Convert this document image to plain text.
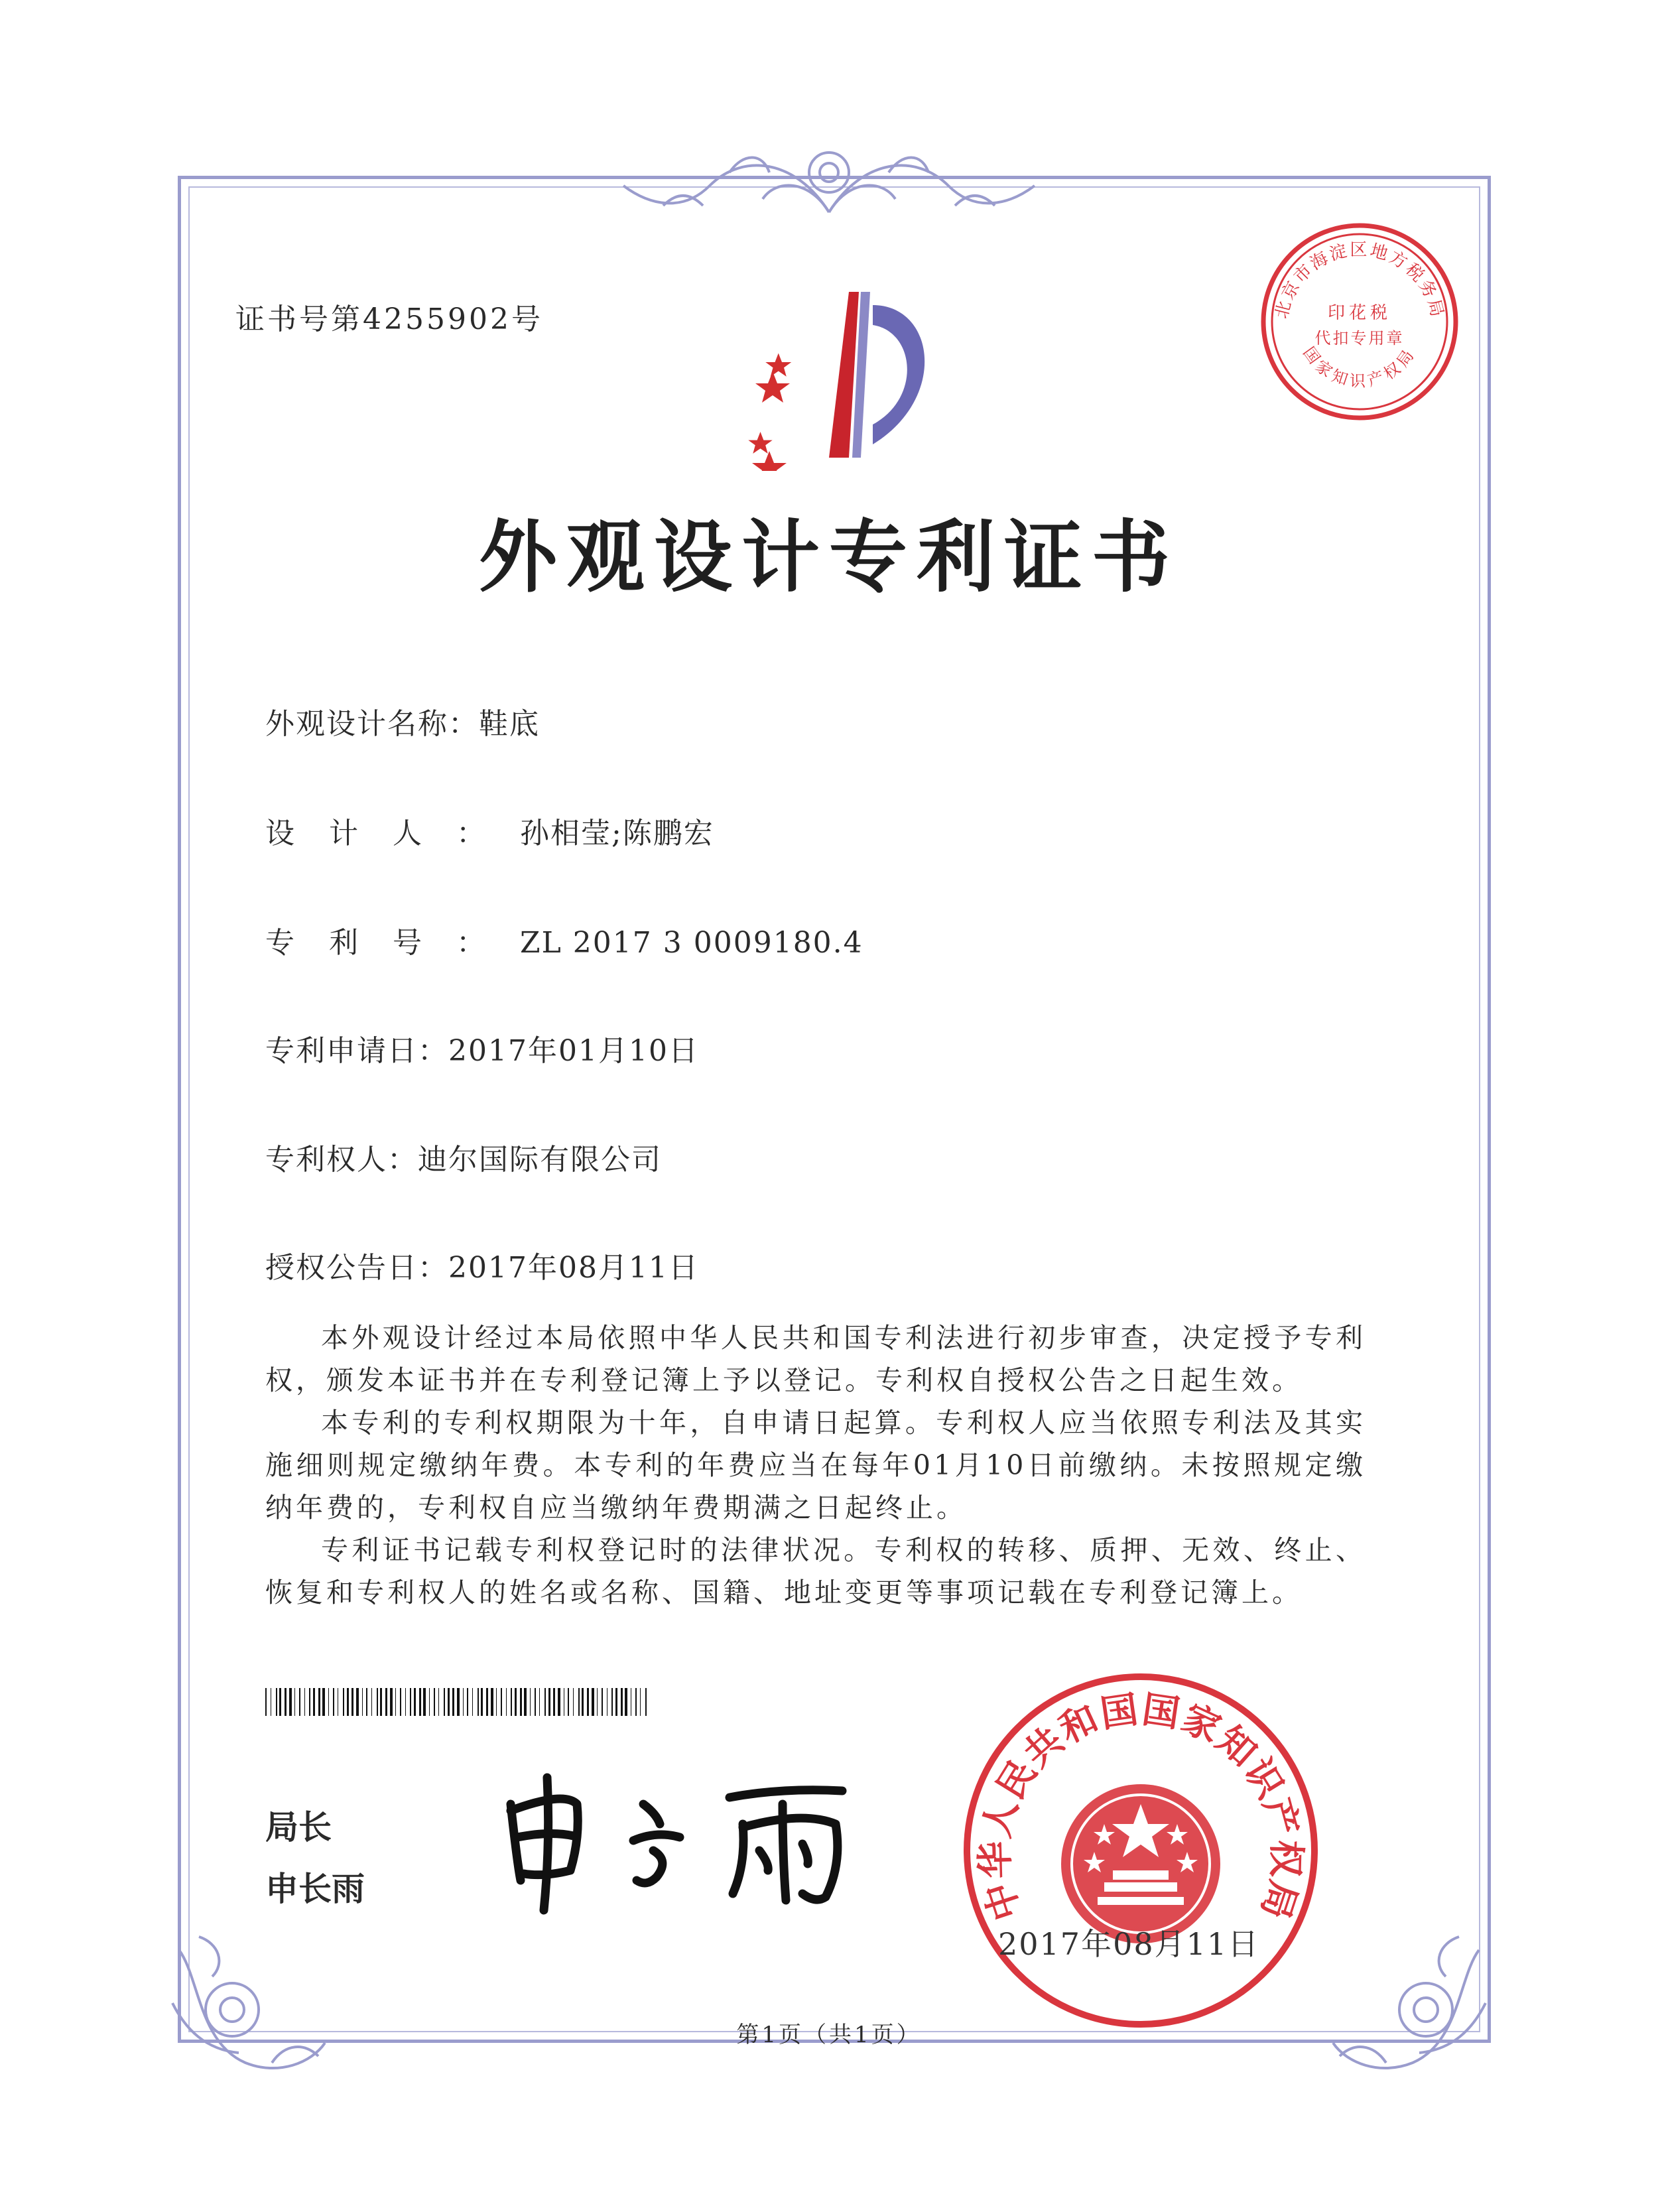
证书号第4255902号	北京市海淀区地方税务局
印花税
代扣专用章
国家知识产权局
外观设计专利证书
外观设计名称：鞋底
设计人：孙相莹;陈鹏宏
专利号：ZL 2017 3 0009180.4
专利申请日：2017年01月10日
专利权人：迪尔国际有限公司
授权公告日：2017年08月11日
本外观设计经过本局依照中华人民共和国专利法进行初步审查，决定授予专利权，颁发本证书并在专利登记簿上予以登记。专利权自授权公告之日起生效。
本专利的专利权期限为十年，自申请日起算。专利权人应当依照专利法及其实施细则规定缴纳年费。本专利的年费应当在每年01月10日前缴纳。未按照规定缴纳年费的，专利权自应当缴纳年费期满之日起终止。
专利证书记载专利权登记时的法律状况。专利权的转移、质押、无效、终止、恢复和专利权人的姓名或名称、国籍、地址变更等事项记载在专利登记簿上。
局长
申长雨	中华人民共和国国家知识产权局
2017年08月11日
第1页（共1页）
